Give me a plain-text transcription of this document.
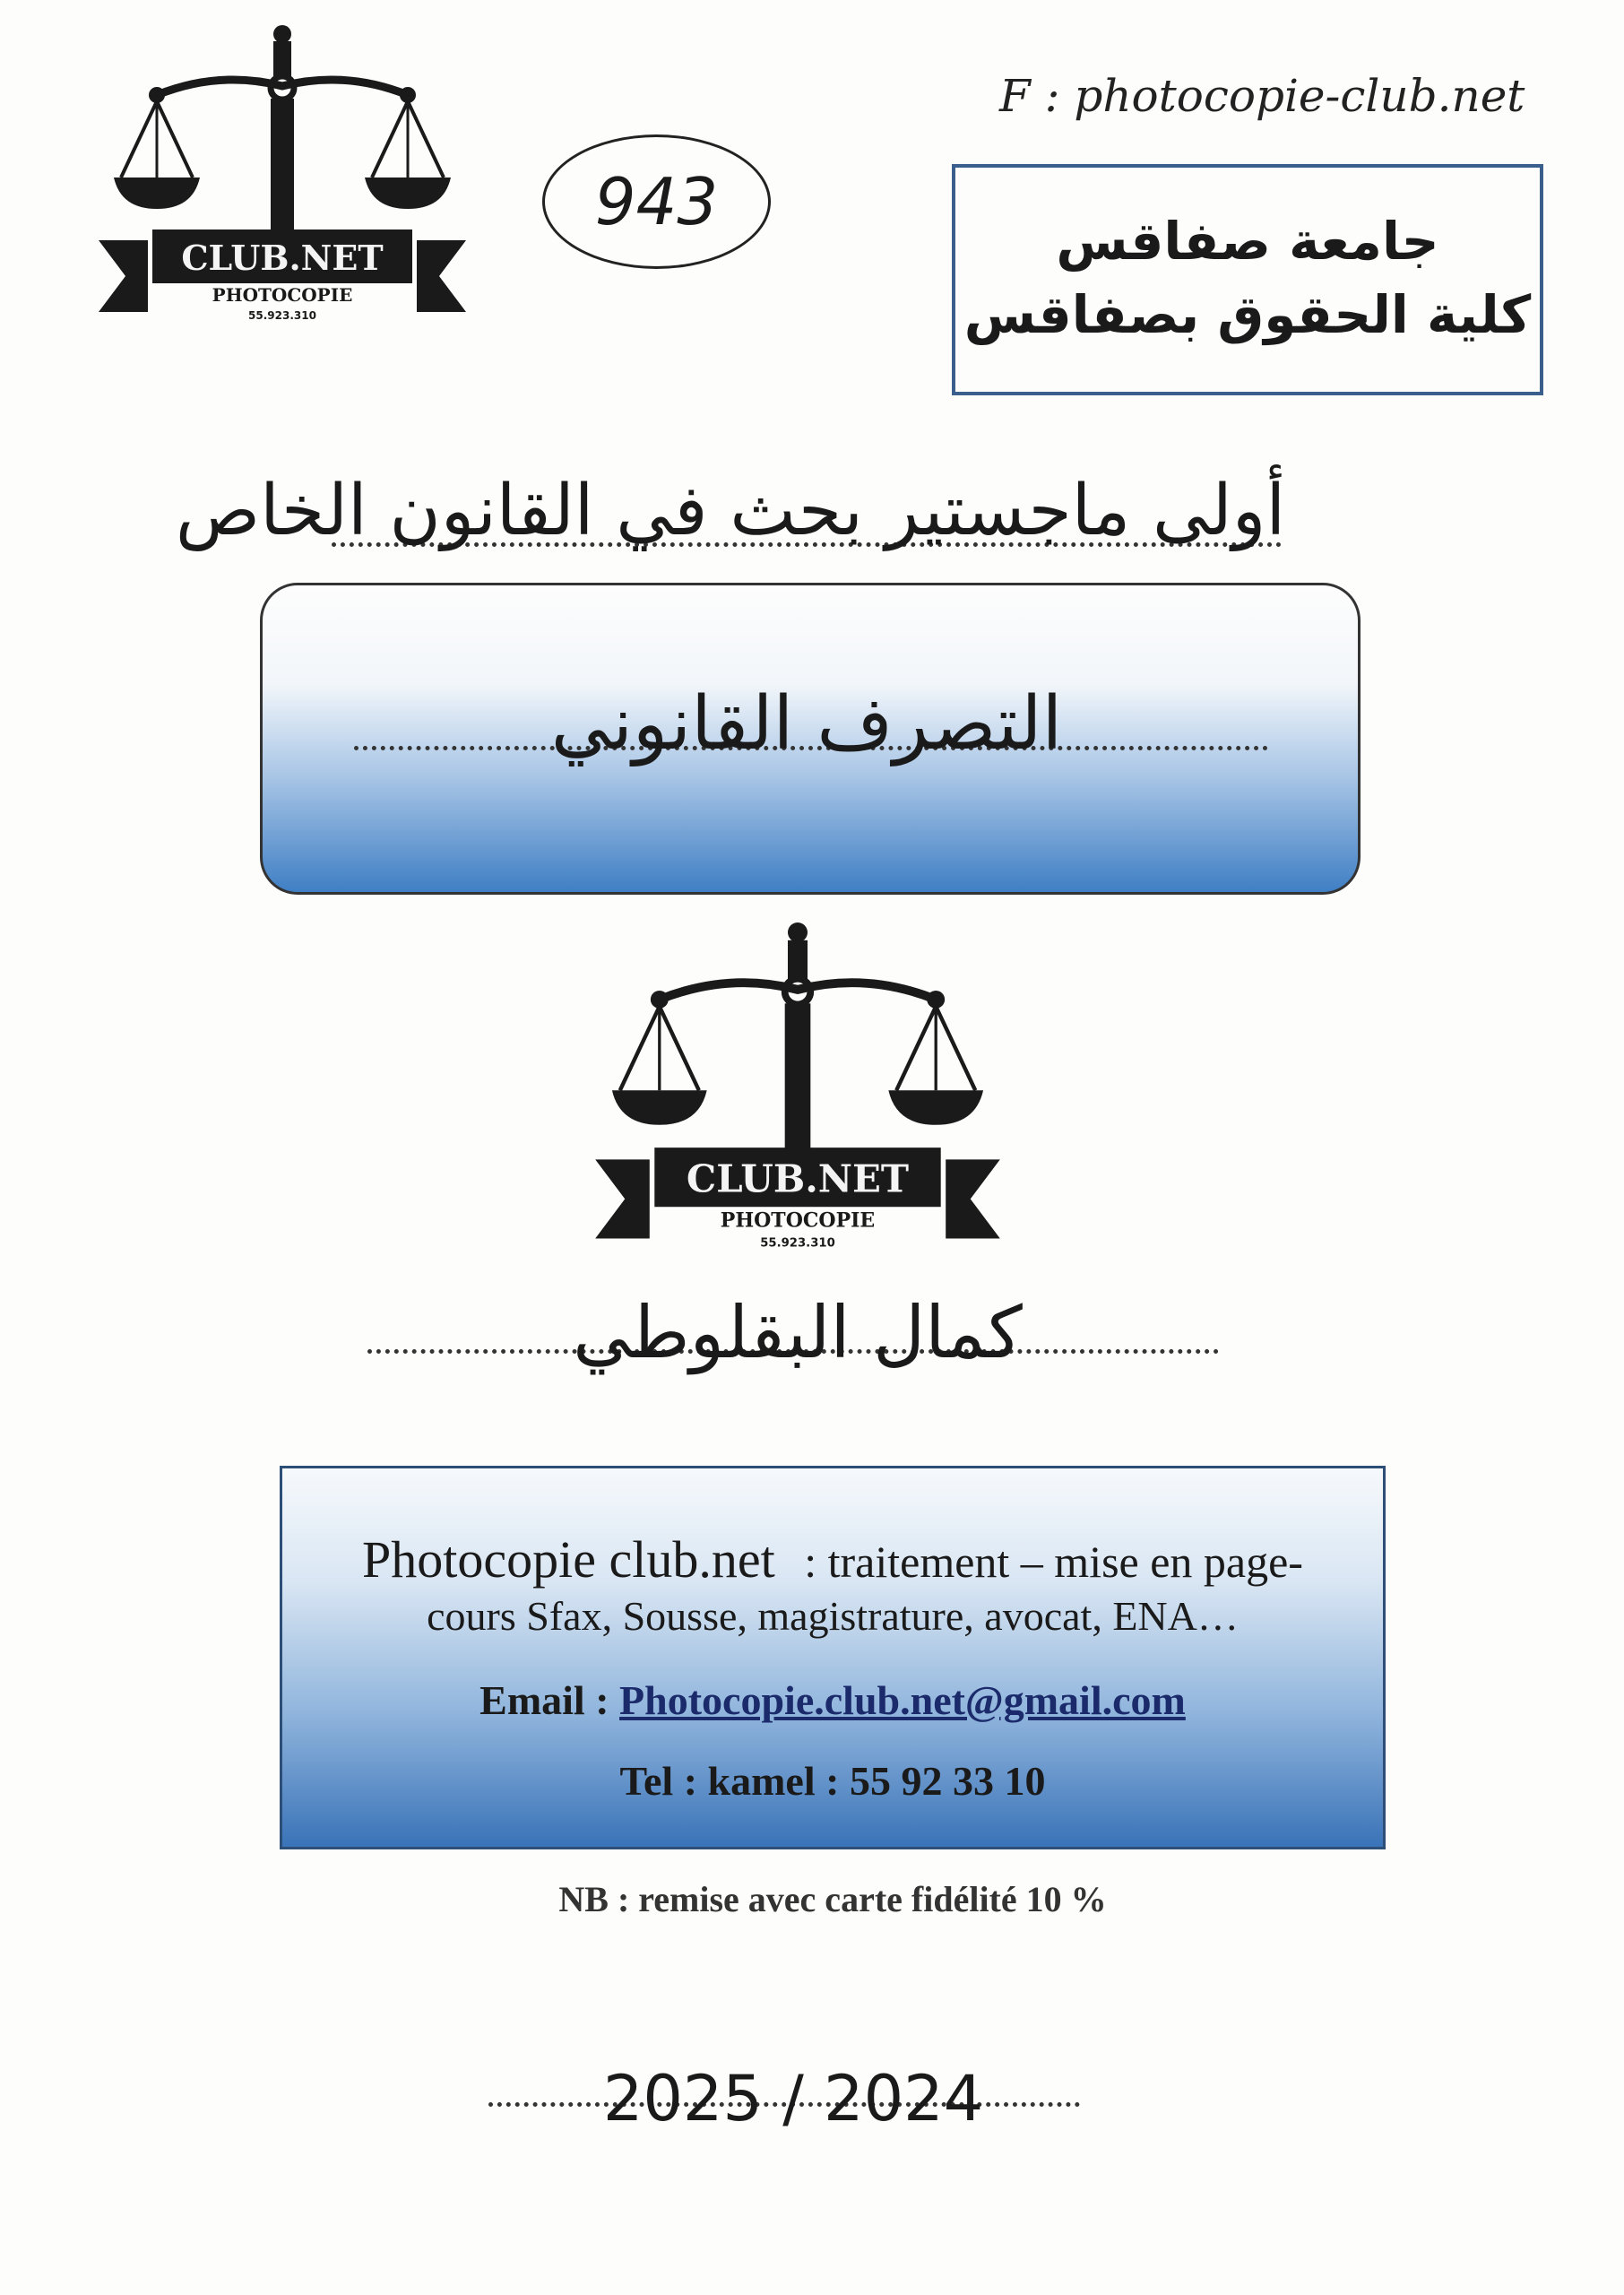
CLUB.NET
PHOTOCOPIE
55.923.310
943
F : photocopie-club.net
جامعة صفاقس
كلية الحقوق بصفاقس
أولى ماجستير بحث في القانون الخاص
التصرف القانوني
CLUB.NET
PHOTOCOPIE
55.923.310
كمال البقلوطي
Photocopie club.net : traitement – mise en page-
cours Sfax, Sousse, magistrature, avocat, ENA…
Email : Photocopie.club.net@gmail.com
Tel : kamel : 55 92 33 10
NB : remise avec carte fidélité 10 %
2025 / 2024
